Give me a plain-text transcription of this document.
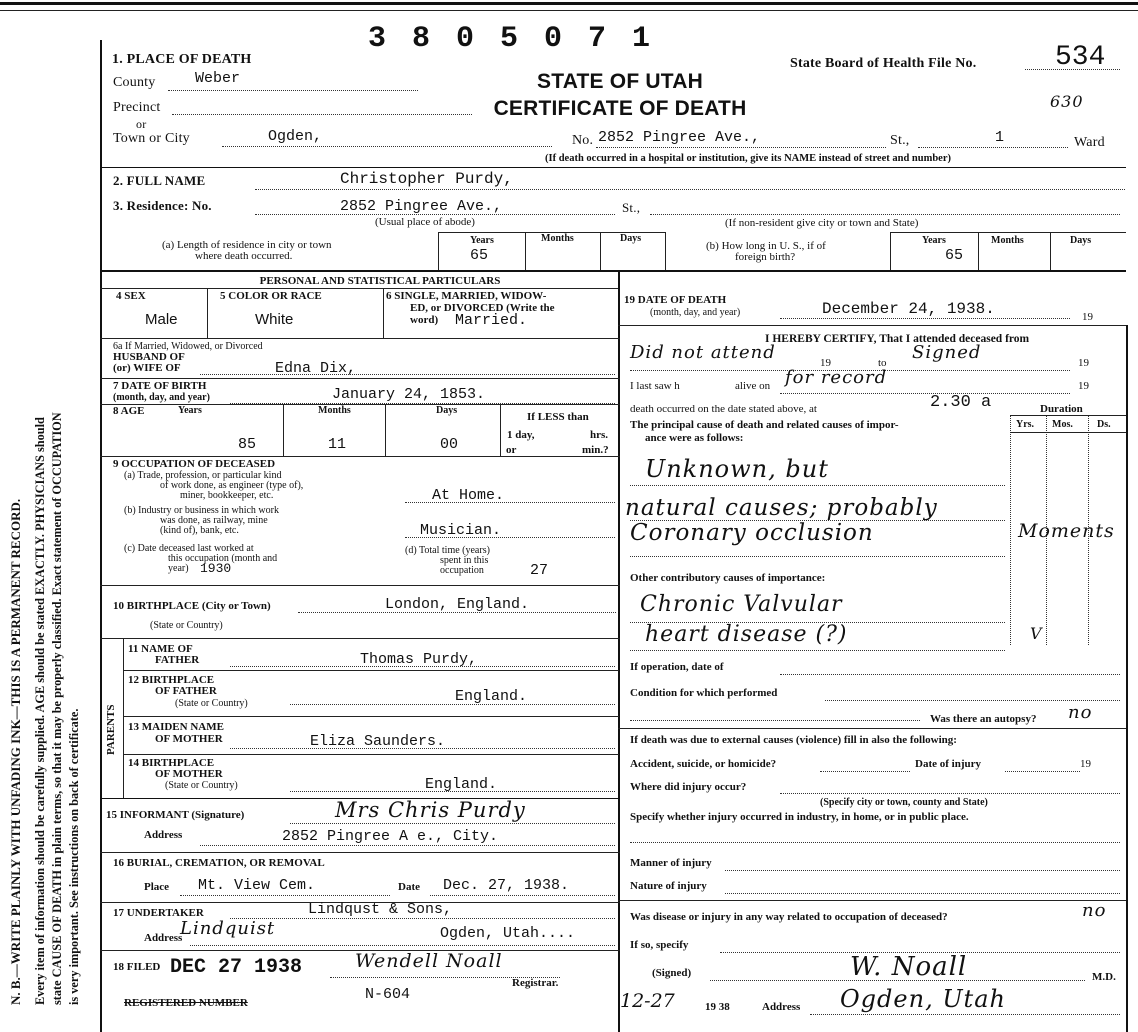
N. B.—WRITE PLAINLY WITH UNFADING INK—THIS IS A PERMANENT RECORD. Every item of information should be carefully supplied. AGE should be stated EXACTLY. PHYSICIANS should state CAUSE OF DEATH in plain terms, so that it may be properly classified. Exact statement of OCCUPATION is very important. See instructions on back of certificate.
3 8 0 5 0 7 1
State Board of Health File No.	534
630
STATE OF UTAH
CERTIFICATE OF DEATH
1. PLACE OF DEATH
County	Weber
Precinct
or
Town or City	Ogden,	No. 2852 Pingree Ave.,	St.,	1	Ward
(If death occurred in a hospital or institution, give its NAME instead of street and number)
2. FULL NAME	Christopher Purdy,
3. Residence: No.	2852 Pingree Ave.,
(Usual place of abode)
St.,
(If non-resident give city or town and State)
(a) Length of residence in city or town
where death occurred.
Years	Months	Days
65
(b) How long in U. S., if of
foreign birth?
Years	Months	Days
65
PERSONAL AND STATISTICAL PARTICULARS
4 SEX
Male
5 COLOR OR RACE
White
6 SINGLE, MARRIED, WIDOW-
ED, or DIVORCED (Write the
word) Married.
6a If Married, Widowed, or Divorced
HUSBAND OF
(or) WIFE OF	Edna Dix,
7 DATE OF BIRTH
(month, day, and year)	January 24, 1853.
8 AGE	Years	Months	Days
85	11	00
If LESS than
1 day,	hrs.
or	min.?
9 OCCUPATION OF DECEASED
(a) Trade, profession, or particular kind
of work done, as engineer (type of),
miner, bookkeeper, etc.	At Home.
(b) Industry or business in which work
was done, as railway, mine
(kind of), bank, etc.	Musician.
(c) Date deceased last worked at
this occupation (month and
year) 1930
(d) Total time (years)
spent in this
occupation	27
10 BIRTHPLACE (City or Town)
(State or Country)
London, England.
PARENTS
11 NAME OF
FATHER	Thomas Purdy,
12 BIRTHPLACE
OF FATHER
(State or Country)	England.
13 MAIDEN NAME
OF MOTHER	Eliza Saunders.
14 BIRTHPLACE
OF MOTHER
(State or Country)	England.
15 INFORMANT (Signature)	Mrs Chris Purdy
Address	2852 Pingree A e., City.
16 BURIAL, CREMATION, OR REMOVAL
Place Mt. View Cem.	Date Dec. 27, 1938.
17 UNDERTAKER	Lindqust & Sons,
Address
Lindquist	Ogden, Utah....
18 FILED DEC 27 1938	Wendell Noall
Registrar.
REGISTERED NUMBER	N-604
19 DATE OF DEATH
(month, day, and year)	December 24, 1938.	19
I HEREBY CERTIFY, That I attended deceased from
Did not attend	19	to Signed	19
I last saw h	alive on for record	19
death occurred on the date stated above, at	2.30 a	Duration
The principal cause of death and related causes of impor-
ance were as follows:
Yrs. Mos. Ds.
Unknown, but
natural causes; probably
Coronary occlusion	Moments
Other contributory causes of importance:
Chronic Valvular
heart disease (?)	V
If operation, date of
Condition for which performed
Was there an autopsy? no
If death was due to external causes (violence) fill in also the following:
Accident, suicide, or homicide?	Date of injury	19
Where did injury occur?
(Specify city or town, county and State)
Specify whether injury occurred in industry, in home, or in public place.
Manner of injury
Nature of injury
Was disease or injury in any way related to occupation of deceased?	no
If so, specify
(Signed)	W. Noall	M.D.
12-27	19 38	Address Ogden, Utah
